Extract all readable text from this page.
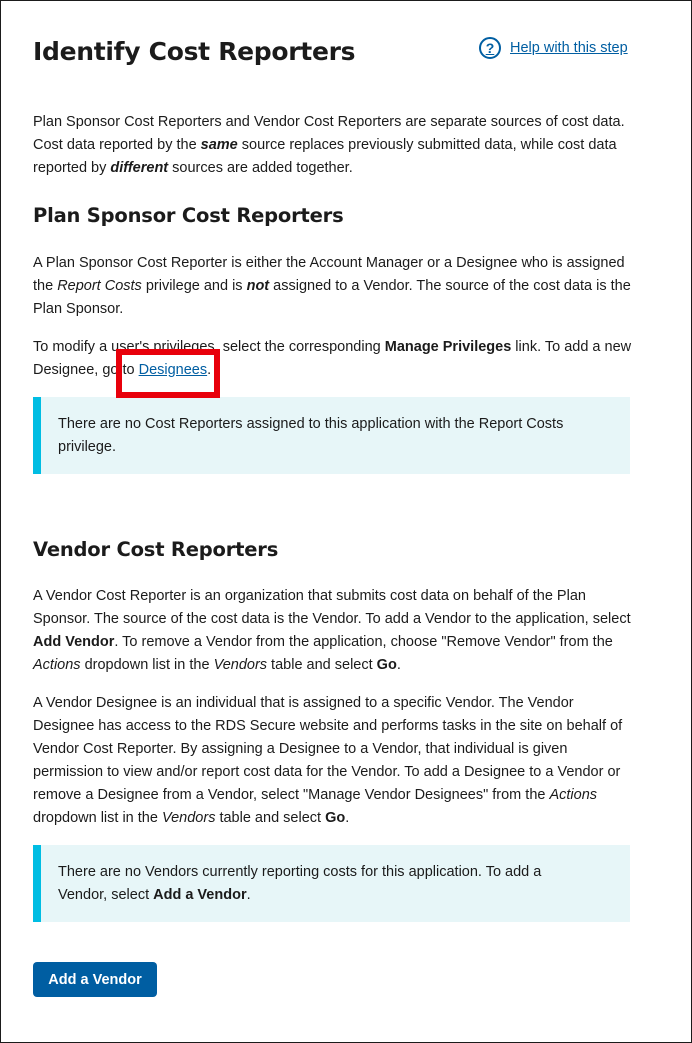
Identify Cost Reporters	?	Help with this step

Plan Sponsor Cost Reporters and Vendor Cost Reporters are separate sources of cost data. Cost data reported by the same source replaces previously submitted data, while cost data reported by different sources are added together.

Plan Sponsor Cost Reporters

A Plan Sponsor Cost Reporter is either the Account Manager or a Designee who is assigned the Report Costs privilege and is not assigned to a Vendor. The source of the cost data is the Plan Sponsor.

To modify a user's privileges, select the corresponding Manage Privileges link. To add a new Designee, go to Designees.

There are no Cost Reporters assigned to this application with the Report Costs privilege.

Vendor Cost Reporters

A Vendor Cost Reporter is an organization that submits cost data on behalf of the Plan Sponsor. The source of the cost data is the Vendor. To add a Vendor to the application, select Add Vendor. To remove a Vendor from the application, choose "Remove Vendor" from the Actions dropdown list in the Vendors table and select Go.

A Vendor Designee is an individual that is assigned to a specific Vendor. The Vendor Designee has access to the RDS Secure website and performs tasks in the site on behalf of Vendor Cost Reporter. By assigning a Designee to a Vendor, that individual is given permission to view and/or report cost data for the Vendor. To add a Designee to a Vendor or remove a Designee from a Vendor, select "Manage Vendor Designees" from the Actions dropdown list in the Vendors table and select Go.

There are no Vendors currently reporting costs for this application. To add a Vendor, select Add a Vendor.

Add a Vendor
